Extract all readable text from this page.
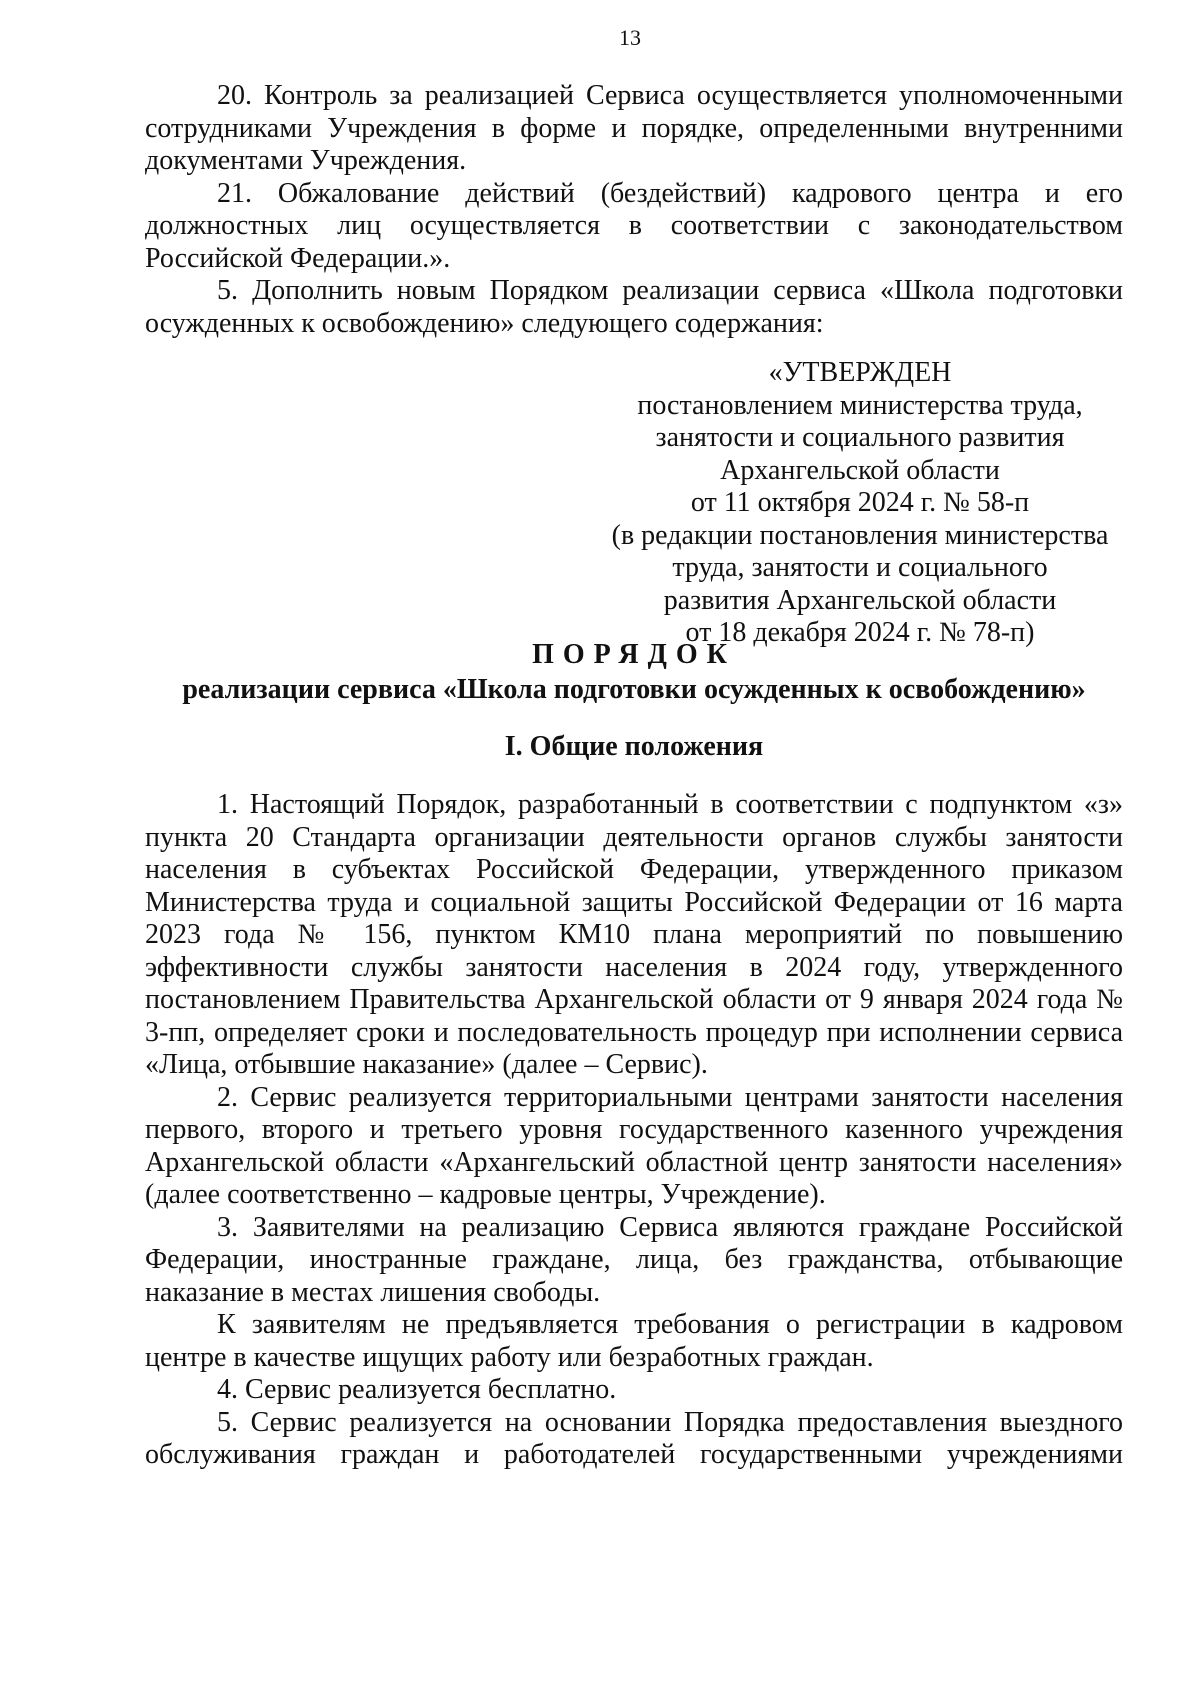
13

20. Контроль за реализацией Сервиса осуществляется уполномоченными сотрудниками Учреждения в форме и порядке, определенными внутренними документами Учреждения.

21. Обжалование действий (бездействий) кадрового центра и его должностных лиц осуществляется в соответствии с законодательством Российской Федерации.».

5. Дополнить новым Порядком реализации сервиса «Школа подготовки осужденных к освобождению» следующего содержания:

«УТВЕРЖДЕН
постановлением министерства труда,
занятости и социального развития
Архангельской области
от 11 октября 2024 г. № 58-п
(в редакции постановления министерства
труда, занятости и социального
развития Архангельской области
от 18 декабря 2024 г. № 78-п)
ПОРЯДОК
реализации сервиса «Школа подготовки осужденных к освобождению»
I. Общие положения

1. Настоящий Порядок, разработанный в соответствии с подпунктом «з» пункта 20 Стандарта организации деятельности органов службы занятости населения в субъектах Российской Федерации, утвержденного приказом Министерства труда и социальной защиты Российской Федерации от 16 марта 2023 года № 156, пунктом КМ10 плана мероприятий по повышению эффективности службы занятости населения в 2024 году, утвержденного постановлением Правительства Архангельской области от 9 января 2024 года № 3-пп, определяет сроки и последовательность процедур при исполнении сервиса «Лица, отбывшие наказание» (далее – Сервис).

2. Сервис реализуется территориальными центрами занятости населения первого, второго и третьего уровня государственного казенного учреждения Архангельской области «Архангельский областной центр занятости населения» (далее соответственно – кадровые центры, Учреждение).

3. Заявителями на реализацию Сервиса являются граждане Российской Федерации, иностранные граждане, лица, без гражданства, отбывающие наказание в местах лишения свободы.

К заявителям не предъявляется требования о регистрации в кадровом центре в качестве ищущих работу или безработных граждан.

4. Сервис реализуется бесплатно.

5. Сервис реализуется на основании Порядка предоставления выездного обслуживания граждан и работодателей государственными учреждениями
